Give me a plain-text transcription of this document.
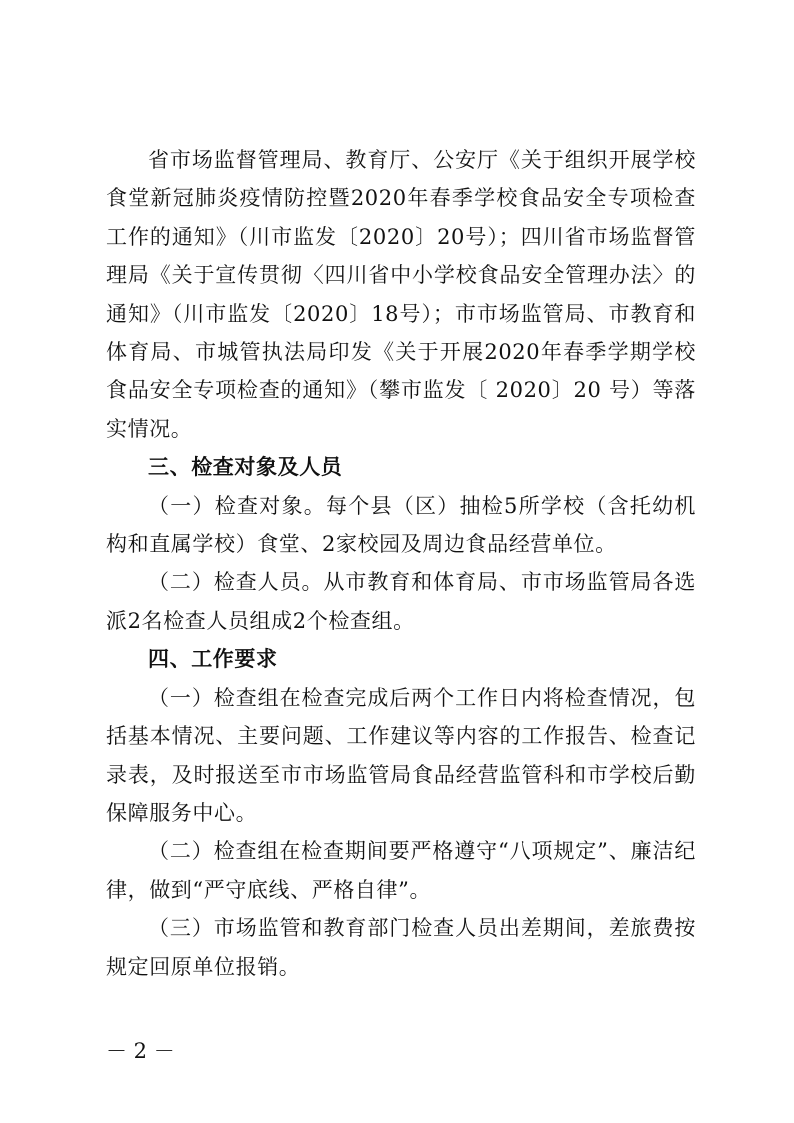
省市场监督管理局、教育厅、公安厅《关于组织开展学校食堂新冠肺炎疫情防控暨2020年春季学校食品安全专项检查工作的通知》（川市监发〔2020〕20号）；四川省市场监督管理局《关于宣传贯彻〈四川省中小学校食品安全管理办法〉的通知》（川市监发〔2020〕18号）；市市场监管局、市教育和体育局、市城管执法局印发《关于开展2020年春季学期学校食品安全专项检查的通知》（攀市监发〔 2020〕20 号）等落实情况。

三、检查对象及人员

（一）检查对象。每个县（区）抽检5所学校（含托幼机构和直属学校）食堂、2家校园及周边食品经营单位。

（二）检查人员。从市教育和体育局、市市场监管局各选派2名检查人员组成2个检查组。

四、工作要求

（一）检查组在检查完成后两个工作日内将检查情况，包括基本情况、主要问题、工作建议等内容的工作报告、检查记录表，及时报送至市市场监管局食品经营监管科和市学校后勤保障服务中心。

（二）检查组在检查期间要严格遵守“八项规定”、廉洁纪律，做到“严守底线、严格自律”。

（三）市场监管和教育部门检查人员出差期间，差旅费按规定回原单位报销。

－ 2 －
